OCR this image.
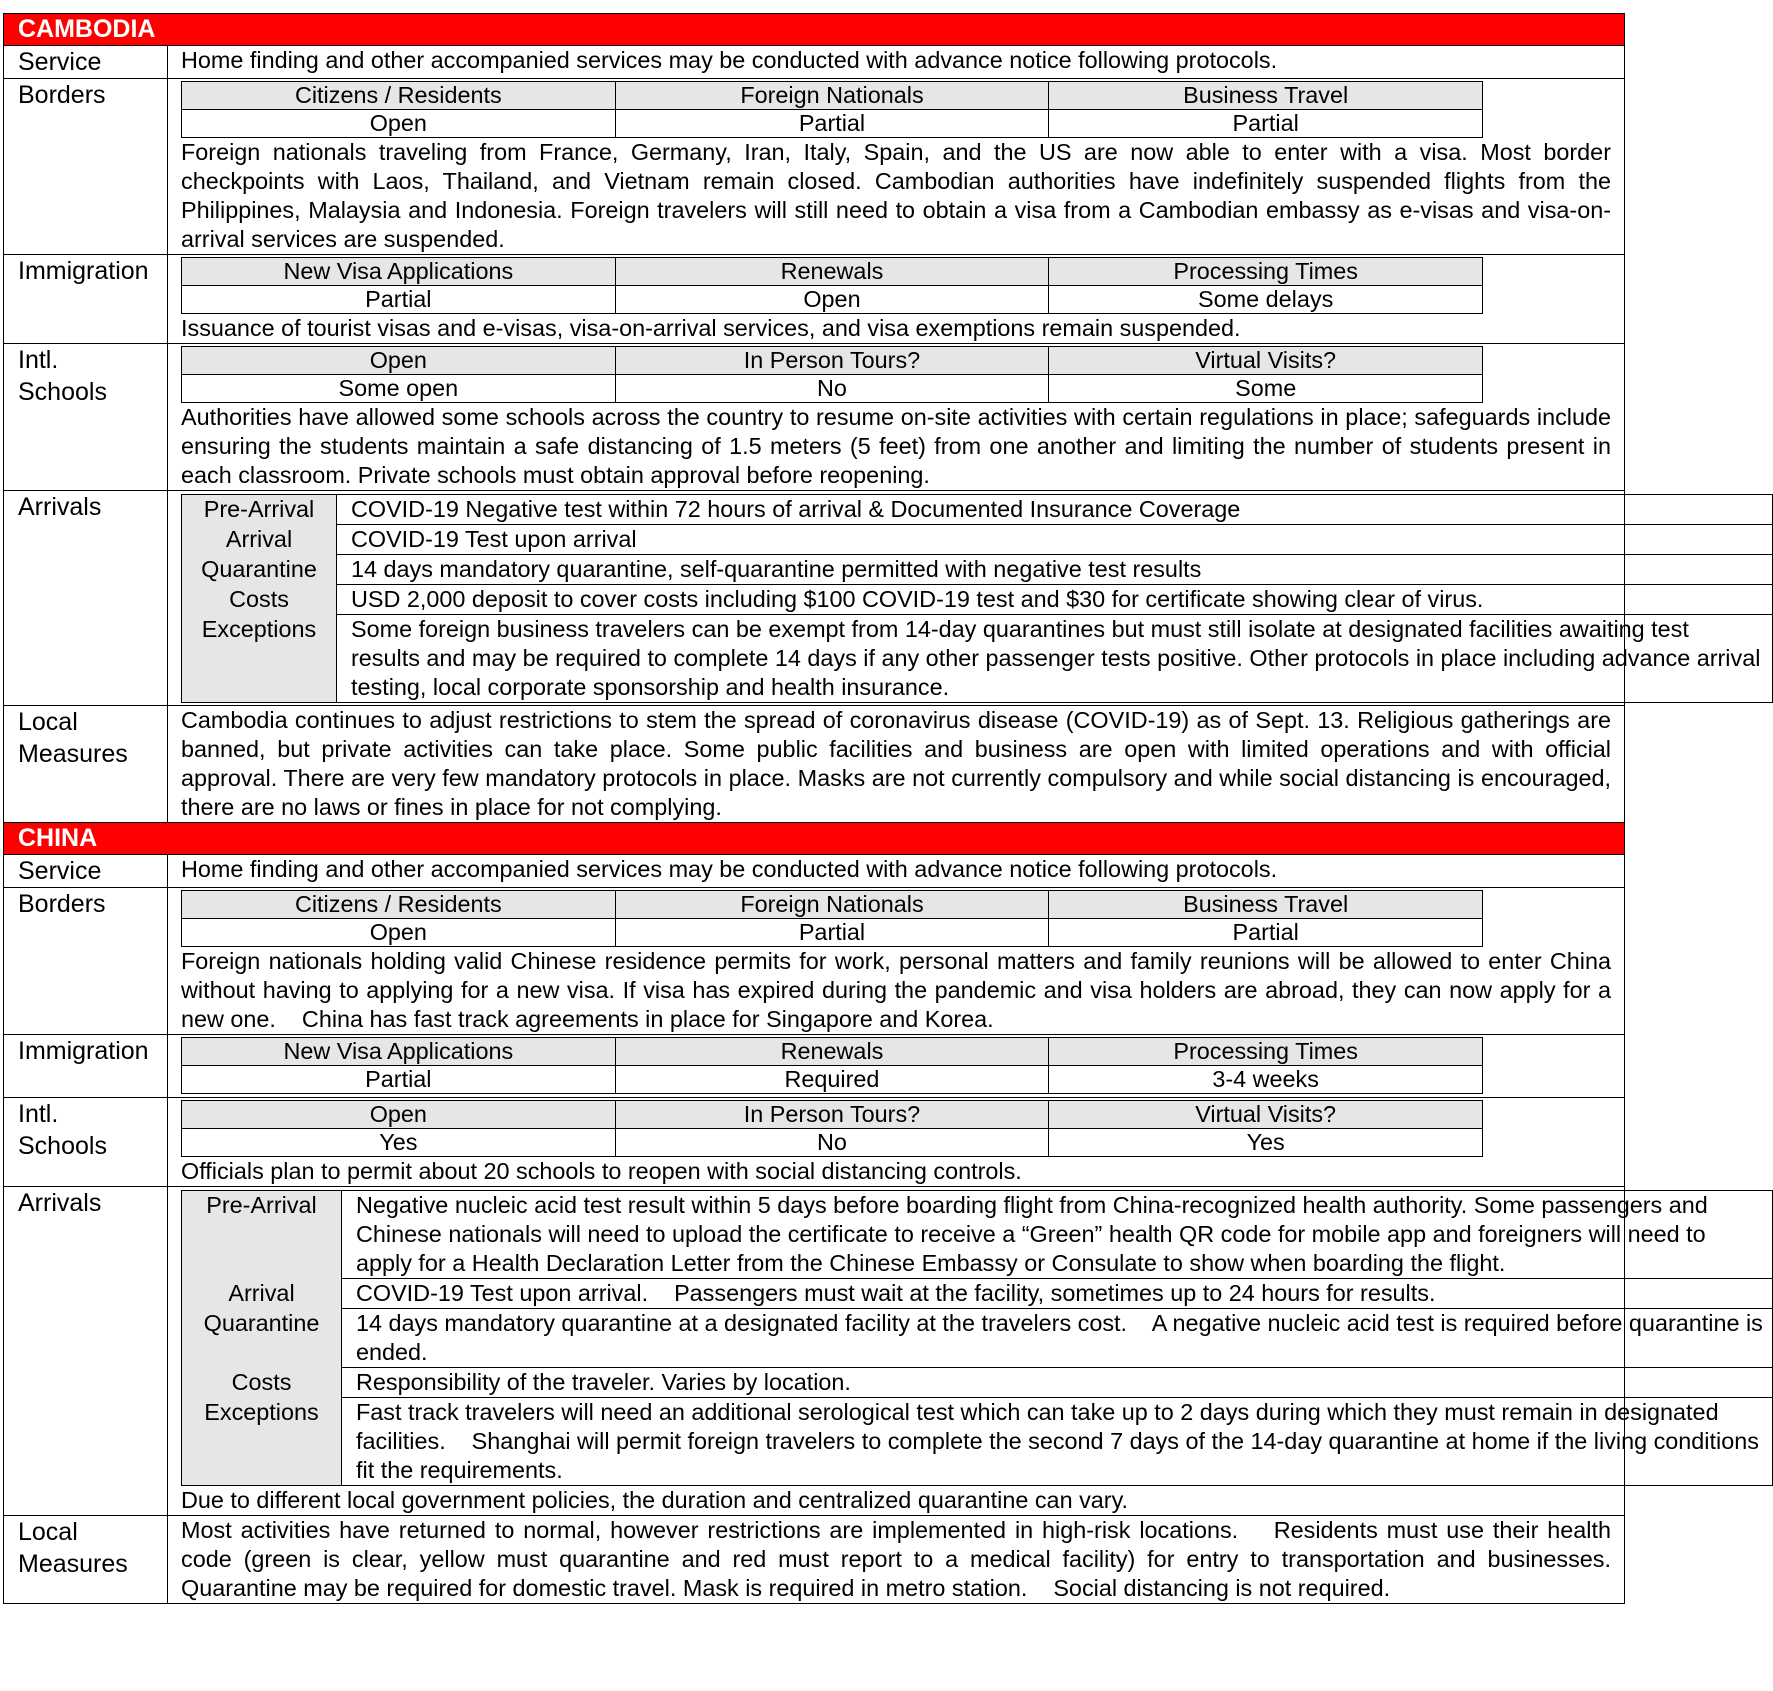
CAMBODIA
Service	Home finding and other accompanied services may be conducted with advance notice following protocols.

Borders		Citizens / Residents	Foreign Nationals	Business Travel
Open	Partial	Partial
Foreign nationals traveling from France, Germany, Iran, Italy, Spain, and the US are now able to enter with a visa. Most border checkpoints with Laos, Thailand, and Vietnam remain closed. Cambodian authorities have indefinitely suspended flights from the Philippines, Malaysia and Indonesia. Foreign travelers will still need to obtain a visa from a Cambodian embassy as e-visas and visa-on-arrival services are suspended.

Immigration		New Visa Applications	Renewals	Processing Times
Partial	Open	Some delays
Issuance of tourist visas and e-visas, visa-on-arrival services, and visa exemptions remain suspended.

Intl.
Schools

Open	In Person Tours?	Virtual Visits?
Some open	No	Some
Authorities have allowed some schools across the country to resume on-site activities with certain regulations in place; safeguards include ensuring the students maintain a safe distancing of 1.5 meters (5 feet) from one another and limiting the number of students present in each classroom. Private schools must obtain approval before reopening.

Arrivals		Pre-Arrival	COVID-19 Negative test within 72 hours of arrival & Documented Insurance Coverage
Arrival	COVID-19 Test upon arrival
Quarantine	14 days mandatory quarantine, self-quarantine permitted with negative test results
Costs	USD 2,000 deposit to cover costs including $100 COVID-19 test and $30 for certificate showing clear of virus.
Exceptions	Some foreign business travelers can be exempt from 14-day quarantines but must still isolate at designated facilities awaiting test results and may be required to complete 14 days if any other passenger tests positive. Other protocols in place including advance arrival testing, local corporate sponsorship and health insurance.

Local
Measures

Cambodia continues to adjust restrictions to stem the spread of coronavirus disease (COVID-19) as of Sept. 13. Religious gatherings are banned, but private activities can take place. Some public facilities and business are open with limited operations and with official approval. There are very few mandatory protocols in place. Masks are not currently compulsory and while social distancing is encouraged, there are no laws or fines in place for not complying.

CHINA
Service	Home finding and other accompanied services may be conducted with advance notice following protocols.

Borders		Citizens / Residents	Foreign Nationals	Business Travel
Open	Partial	Partial
Foreign nationals holding valid Chinese residence permits for work, personal matters and family reunions will be allowed to enter China without having to applying for a new visa. If visa has expired during the pandemic and visa holders are abroad, they can now apply for a new one.    China has fast track agreements in place for Singapore and Korea.

Immigration		New Visa Applications	Renewals	Processing Times
Partial	Required	3-4 weeks

Intl.
Schools

Open	In Person Tours?	Virtual Visits?
Yes	No	Yes
Officials plan to permit about 20 schools to reopen with social distancing controls.

Arrivals		Pre-Arrival	Negative nucleic acid test result within 5 days before boarding flight from China-recognized health authority. Some passengers and Chinese nationals will need to upload the certificate to receive a “Green” health QR code for mobile app and foreigners will need to apply for a Health Declaration Letter from the Chinese Embassy or Consulate to show when boarding the flight.
Arrival	COVID-19 Test upon arrival.    Passengers must wait at the facility, sometimes up to 24 hours for results.
Quarantine	14 days mandatory quarantine at a designated facility at the travelers cost.    A negative nucleic acid test is required before quarantine is ended.
Costs	Responsibility of the traveler. Varies by location.
Exceptions	Fast track travelers will need an additional serological test which can take up to 2 days during which they must remain in designated facilities.    Shanghai will permit foreign travelers to complete the second 7 days of the 14-day quarantine at home if the living conditions fit the requirements.
Due to different local government policies, the duration and centralized quarantine can vary.

Local
Measures

Most activities have returned to normal, however restrictions are implemented in high-risk locations.    Residents must use their health code (green is clear, yellow must quarantine and red must report to a medical facility) for entry to transportation and businesses. Quarantine may be required for domestic travel. Mask is required in metro station.    Social distancing is not required.
